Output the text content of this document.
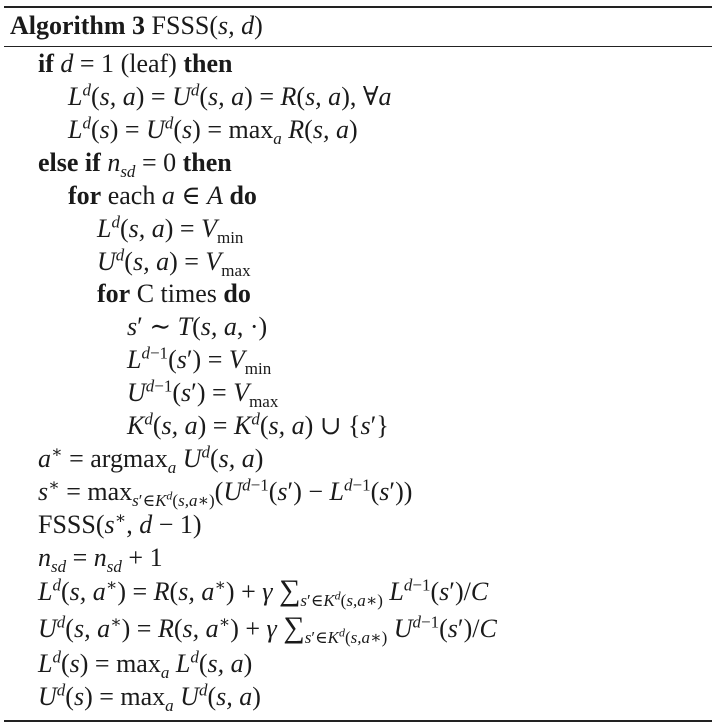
Algorithm 3 FSSS(s, d)
if d = 1 (leaf) then
$L^d(s$, $a) = U^d(s$, a) = R(s, a), ∀a
$L^d(s) = U^d(s) = \max_a R(s$, a)
else if $n_{sd} = 0$ then
for each a ∈ A do
$L^d(s$, $a) = V_{min}$
$U^d(s$, $a) = V_{max}$
for C times do
s′ ∼ T(s, a, ·)
$L^{d-1}(s') = V_{min}$
$U^{d-1}(s') = V_{max}$
$K^d(s$, $a) = K^d(s$, a) ∪ {s′}
a∗ = argmax$_a$ $U^d(s$, a)
$s^∗ = \max_{s'\in K^d(s,a∗)}(U^{d-1}(s') - L^{d-1}(s'))$
FSSS(s∗, d − 1)
$n_{sd} = n_{sd} + 1$
$L^d(s$, a∗) = R(s, a∗) + γ $\sum_{s'\in K^d(s,a∗)}$ $L^{d-1}(s')/C$
$U^d(s$, a∗) = R(s, a∗) + γ $\sum_{s'\in K^d(s,a∗)}$ $U^{d-1}(s')/C$
$L^d(s) = \max_a L^d(s$, a)
$U^d(s) = \max_a U^d(s$, a)
